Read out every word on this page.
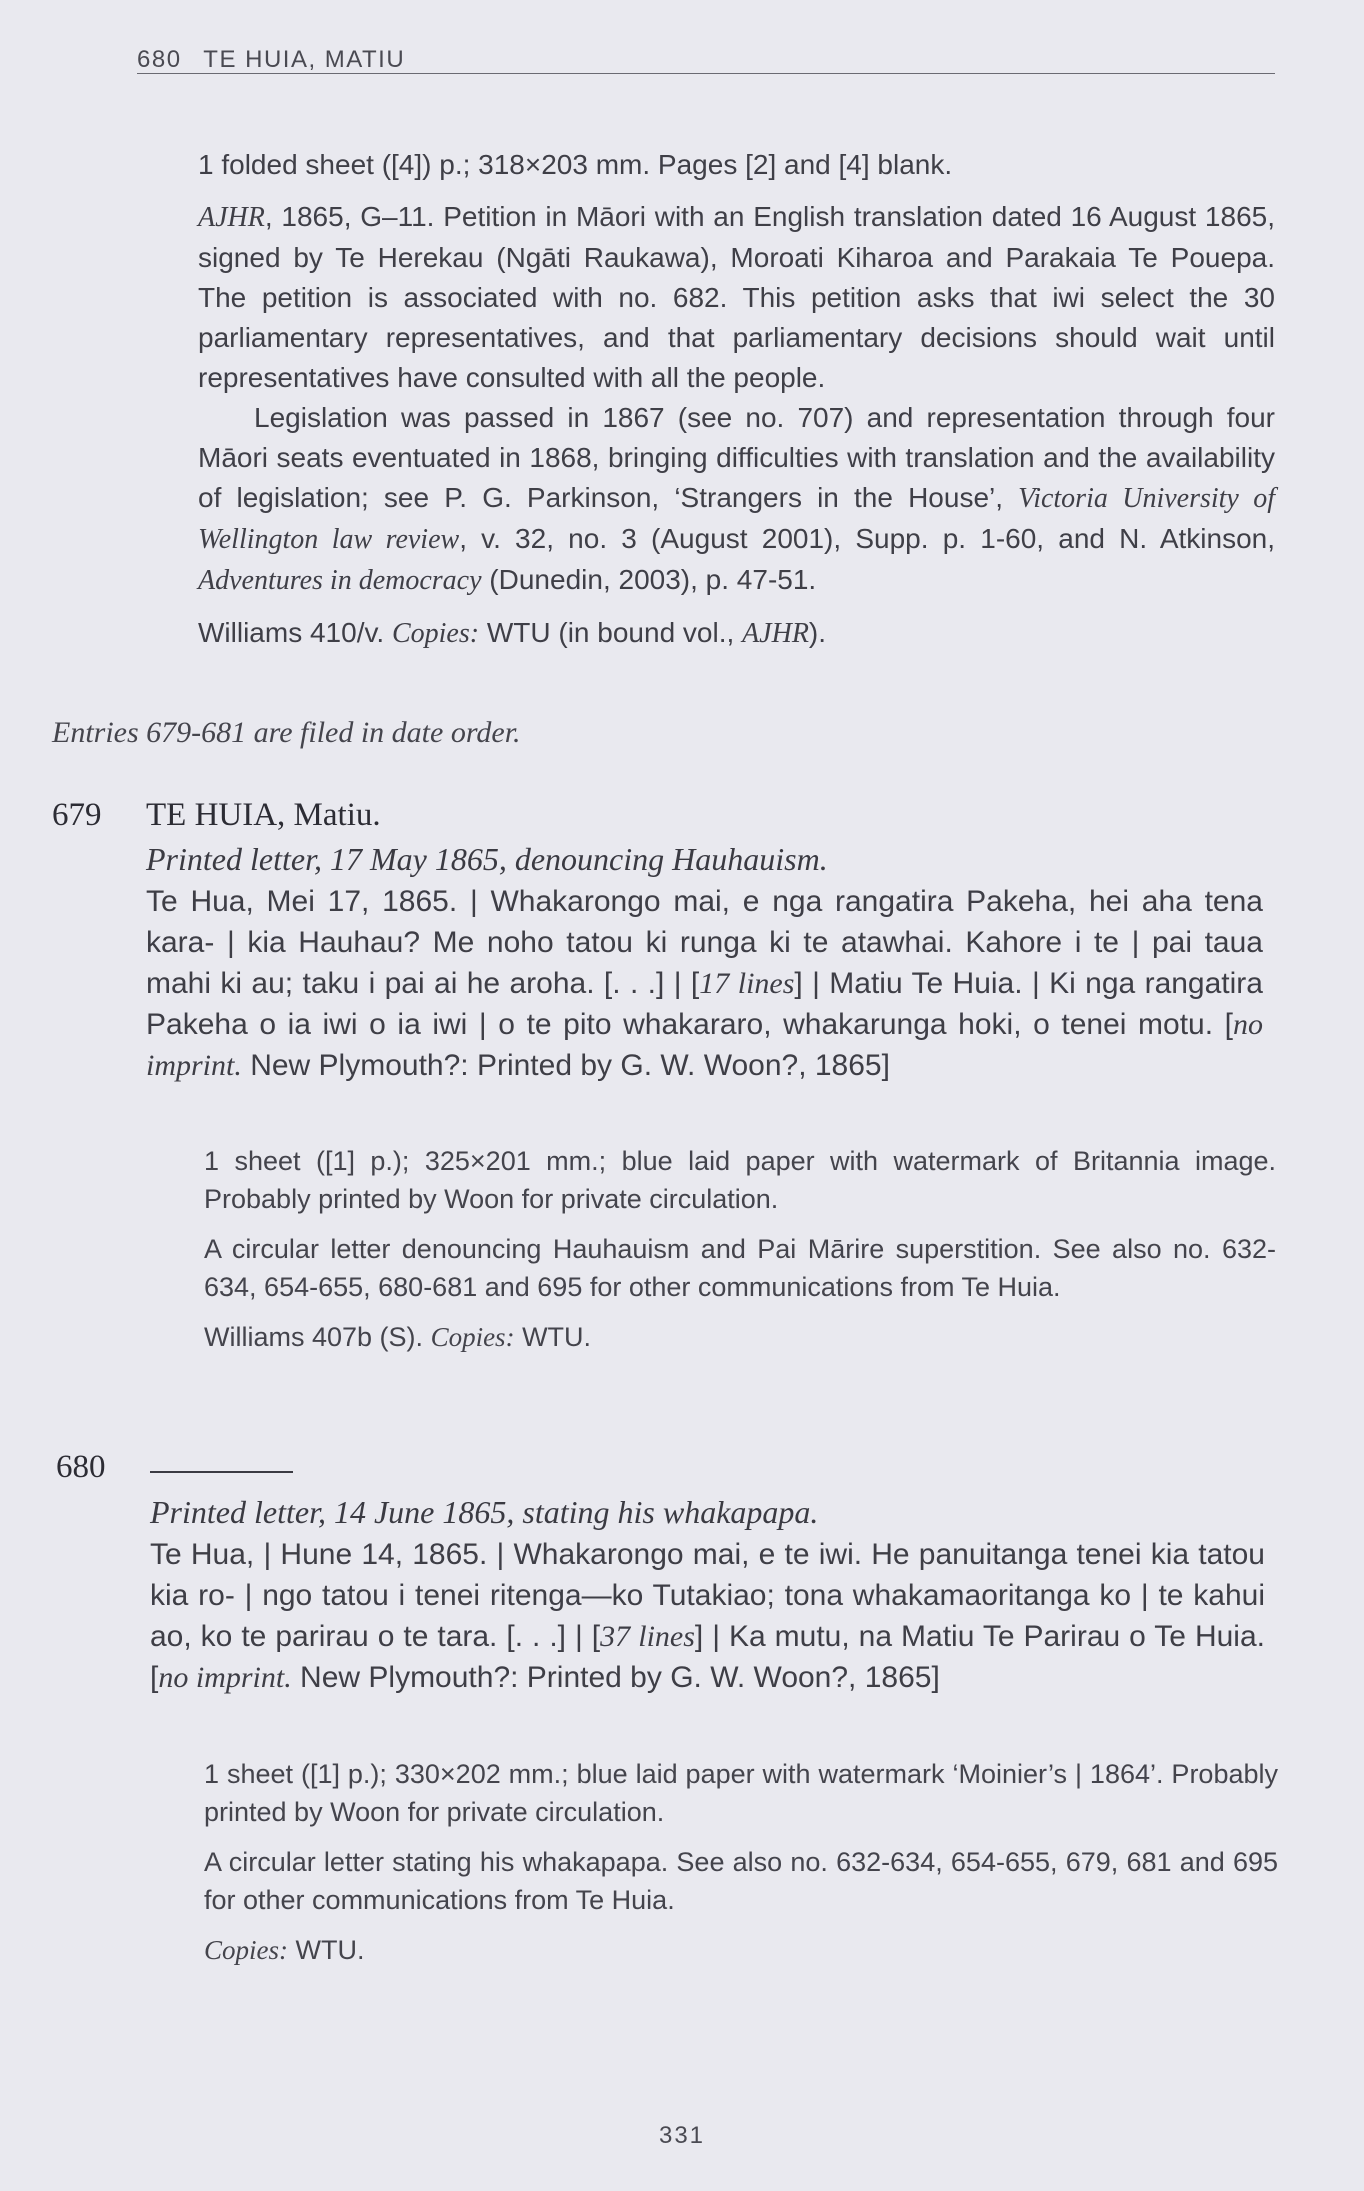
680 TE HUIA, MATIU

1 folded sheet ([4]) p.; 318×203 mm. Pages [2] and [4] blank.

AJHR, 1865, G–11. Petition in Māori with an English translation dated 16 August 1865, signed by Te Herekau (Ngāti Raukawa), Moroati Kiharoa and Parakaia Te Pouepa. The petition is associated with no. 682. This petition asks that iwi select the 30 parliamentary representatives, and that parliamentary decisions should wait until representatives have consulted with all the people.

Legislation was passed in 1867 (see no. 707) and representation through four Māori seats eventuated in 1868, bringing difficulties with translation and the availability of legislation; see P. G. Parkinson, ‘Strangers in the House’, Victoria University of Wellington law review, v. 32, no. 3 (August 2001), Supp. p. 1-60, and N. Atkinson, Adventures in democracy (Dunedin, 2003), p. 47-51.

Williams 410/v. Copies: WTU (in bound vol., AJHR).

Entries 679-681 are filed in date order.
679 TE HUIA, Matiu.
Printed letter, 17 May 1865, denouncing Hauhauism.
Te Hua, Mei 17, 1865. | Whakarongo mai, e nga rangatira Pakeha, hei aha tena kara- | kia Hauhau? Me noho tatou ki runga ki te atawhai. Kahore i te | pai taua mahi ki au; taku i pai ai he aroha. [. . .] | [17 lines] | Matiu Te Huia. | Ki nga rangatira Pakeha o ia iwi o ia iwi | o te pito whakararo, whakarunga hoki, o tenei motu. [no imprint. New Plymouth?: Printed by G. W. Woon?, 1865]

1 sheet ([1] p.); 325×201 mm.; blue laid paper with watermark of Britannia image. Probably printed by Woon for private circulation.

A circular letter denouncing Hauhauism and Pai Mārire superstition. See also no. 632-634, 654-655, 680-681 and 695 for other communications from Te Huia.

Williams 407b (S). Copies: WTU.

680
Printed letter, 14 June 1865, stating his whakapapa.
Te Hua, | Hune 14, 1865. | Whakarongo mai, e te iwi. He panuitanga tenei kia tatou kia ro- | ngo tatou i tenei ritenga—ko Tutakiao; tona whakamaoritanga ko | te kahui ao, ko te parirau o te tara. [. . .] | [37 lines] | Ka mutu, na Matiu Te Parirau o Te Huia. [no imprint. New Plymouth?: Printed by G. W. Woon?, 1865]

1 sheet ([1] p.); 330×202 mm.; blue laid paper with watermark ‘Moinier’s | 1864’. Probably printed by Woon for private circulation.

A circular letter stating his whakapapa. See also no. 632-634, 654-655, 679, 681 and 695 for other communications from Te Huia.

Copies: WTU.

331
